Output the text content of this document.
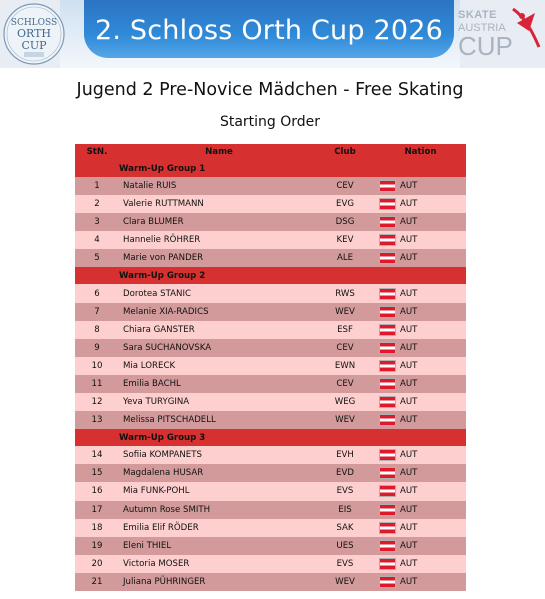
2. Schloss Orth Cup 2026
SCHLOSS
ORTH
CUP
SKATE
AUSTRIA
CUP
Jugend 2 Pre-Novice Mädchen - Free Skating
Starting Order
StN.	Name	Club	Nation
	Warm-Up Group 1		
1	Natalie RUIS	CEV	AUT
2	Valerie RUTTMANN	EVG	AUT
3	Clara BLUMER	DSG	AUT
4	Hannelie RÖHRER	KEV	AUT
5	Marie von PANDER	ALE	AUT
	Warm-Up Group 2		
6	Dorotea STANIC	RWS	AUT
7	Melanie XIA-RADICS	WEV	AUT
8	Chiara GANSTER	ESF	AUT
9	Sara SUCHANOVSKA	CEV	AUT
10	Mia LORECK	EWN	AUT
11	Emilia BACHL	CEV	AUT
12	Yeva TURYGINA	WEG	AUT
13	Melissa PITSCHADELL	WEV	AUT
	Warm-Up Group 3		
14	Sofiia KOMPANETS	EVH	AUT
15	Magdalena HUSAR	EVD	AUT
16	Mia FUNK-POHL	EVS	AUT
17	Autumn Rose SMITH	EIS	AUT
18	Emilia Elif RÖDER	SAK	AUT
19	Eleni THIEL	UES	AUT
20	Victoria MOSER	EVS	AUT
21	Juliana PÜHRINGER	WEV	AUT
